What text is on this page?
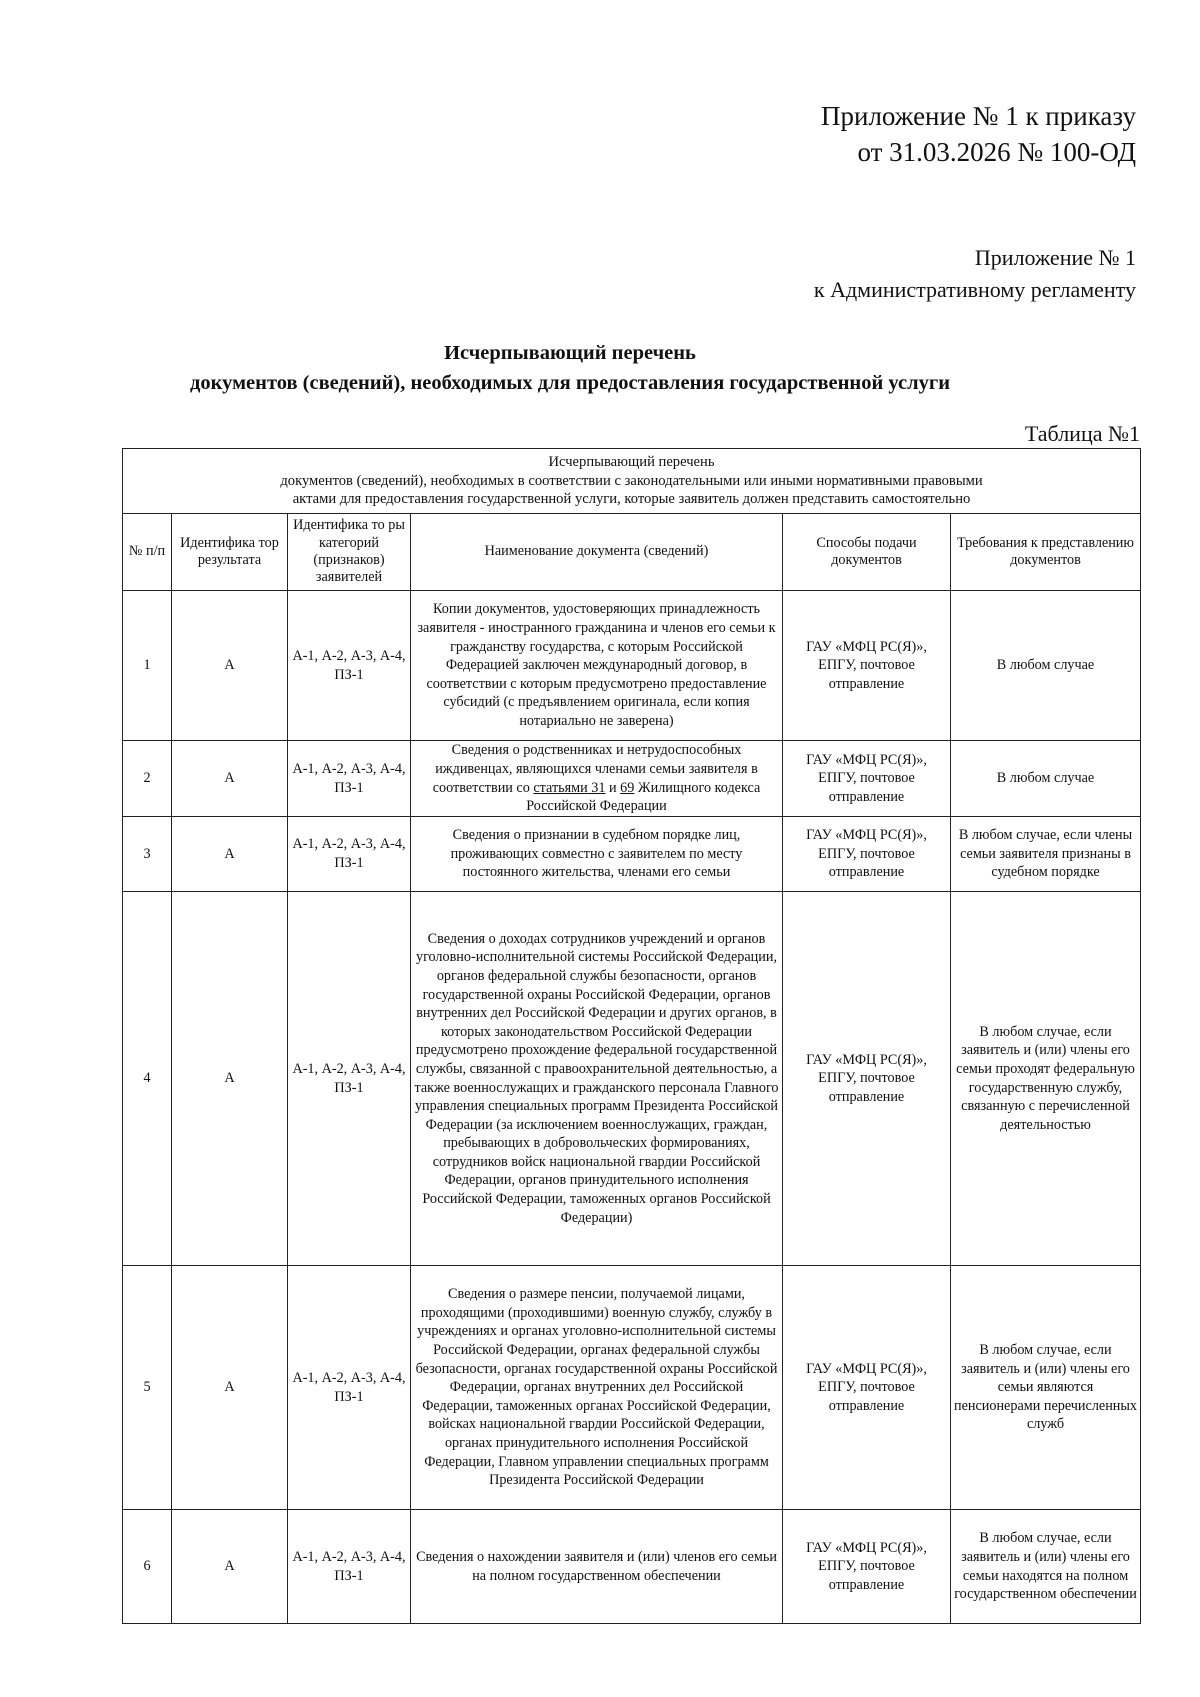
Приложение № 1 к приказу
от 31.03.2026 № 100-ОД
Приложение № 1
к Административному регламенту
Исчерпывающий перечень
документов (сведений), необходимых для предоставления государственной услуги
Таблица №1
Исчерпывающий перечень
документов (сведений), необходимых в соответствии с законодательными или иными нормативными правовыми
актами для предоставления государственной услуги, которые заявитель должен представить самостоятельно					

№ п/п	Идентифика тор результата	Идентифика то ры категорий (признаков) заявителей	Наименование документа (сведений)	Способы подачи документов	Требования к представлению документов
1	А	А-1, А-2, А-3, А-4, ПЗ-1	Копии документов, удостоверяющих принадлежность заявителя - иностранного гражданина и членов его семьи к гражданству государства, с которым Российской Федерацией заключен международный договор, в соответствии с которым предусмотрено предоставление субсидий (с предъявлением оригинала, если копия нотариально не заверена)	ГАУ «МФЦ РС(Я)», ЕПГУ, почтовое отправление	В любом случае
2	А	А-1, А-2, А-3, А-4, ПЗ-1	Сведения о родственниках и нетрудоспособных иждивенцах, являющихся членами семьи заявителя в соответствии со статьями 31 и 69 Жилищного кодекса Российской Федерации	ГАУ «МФЦ РС(Я)», ЕПГУ, почтовое отправление	В любом случае
3	А	А-1, А-2, А-3, А-4, ПЗ-1	Сведения о признании в судебном порядке лиц, проживающих совместно с заявителем по месту постоянного жительства, членами его семьи	ГАУ «МФЦ РС(Я)», ЕПГУ, почтовое отправление	В любом случае, если члены семьи заявителя признаны в судебном порядке
4	А	А-1, А-2, А-3, А-4, ПЗ-1	Сведения о доходах сотрудников учреждений и органов уголовно-исполнительной системы Российской Федерации, органов федеральной службы безопасности, органов государственной охраны Российской Федерации, органов внутренних дел Российской Федерации и других органов, в которых законодательством Российской Федерации предусмотрено прохождение федеральной государственной службы, связанной с правоохранительной деятельностью, а также военнослужащих и гражданского персонала Главного управления специальных программ Президента Российской Федерации (за исключением военнослужащих, граждан, пребывающих в добровольческих формированиях, сотрудников войск национальной гвардии Российской Федерации, органов принудительного исполнения Российской Федерации, таможенных органов Российской Федерации)	ГАУ «МФЦ РС(Я)», ЕПГУ, почтовое отправление	В любом случае, если заявитель и (или) члены его семьи проходят федеральную государственную службу, связанную с перечисленной деятельностью
5	А	А-1, А-2, А-3, А-4, ПЗ-1	Сведения о размере пенсии, получаемой лицами, проходящими (проходившими) военную службу, службу в учреждениях и органах уголовно-исполнительной системы Российской Федерации, органах федеральной службы безопасности, органах государственной охраны Российской Федерации, органах внутренних дел Российской Федерации, таможенных органах Российской Федерации, войсках национальной гвардии Российской Федерации, органах принудительного исполнения Российской Федерации, Главном управлении специальных программ Президента Российской Федерации	ГАУ «МФЦ РС(Я)», ЕПГУ, почтовое отправление	В любом случае, если заявитель и (или) члены его семьи являются пенсионерами перечисленных служб
6	А	А-1, А-2, А-3, А-4, ПЗ-1	Сведения о нахождении заявителя и (или) членов его семьи на полном государственном обеспечении	ГАУ «МФЦ РС(Я)», ЕПГУ, почтовое отправление	В любом случае, если заявитель и (или) члены его семьи находятся на полном государственном обеспечении
